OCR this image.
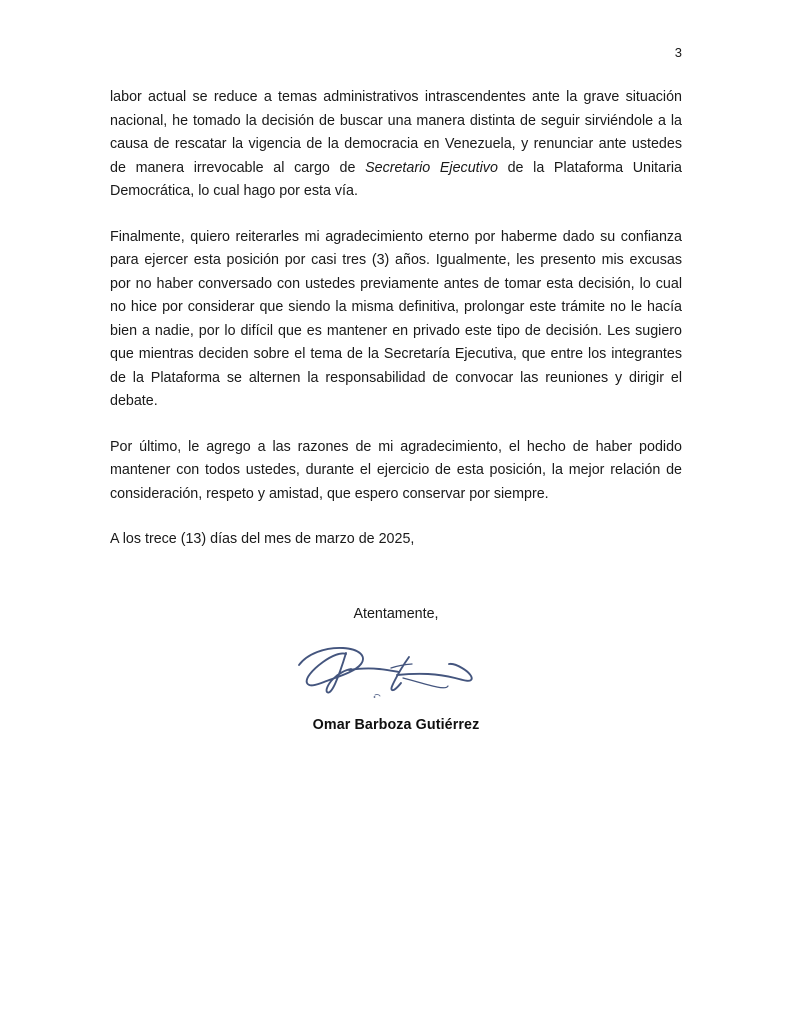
3

labor actual se reduce a temas administrativos intrascendentes ante la grave situación nacional, he tomado la decisión de buscar una manera distinta de seguir sirviéndole a la causa de rescatar la vigencia de la democracia en Venezuela, y renunciar ante ustedes de manera irrevocable al cargo de Secretario Ejecutivo de la Plataforma Unitaria Democrática, lo cual hago por esta vía.

Finalmente, quiero reiterarles mi agradecimiento eterno por haberme dado su confianza para ejercer esta posición por casi tres (3) años. Igualmente, les presento mis excusas por no haber conversado con ustedes previamente antes de tomar esta decisión, lo cual no hice por considerar que siendo la misma definitiva, prolongar este trámite no le hacía bien a nadie, por lo difícil que es mantener en privado este tipo de decisión. Les sugiero que mientras deciden sobre el tema de la Secretaría Ejecutiva, que entre los integrantes de la Plataforma se alternen la responsabilidad de convocar las reuniones y dirigir el debate.

Por último, le agrego a las razones de mi agradecimiento, el hecho de haber podido mantener con todos ustedes, durante el ejercicio de esta posición, la mejor relación de consideración, respeto y amistad, que espero conservar por siempre.

A los trece (13) días del mes de marzo de 2025,

Atentamente,
Omar Barboza Gutiérrez
